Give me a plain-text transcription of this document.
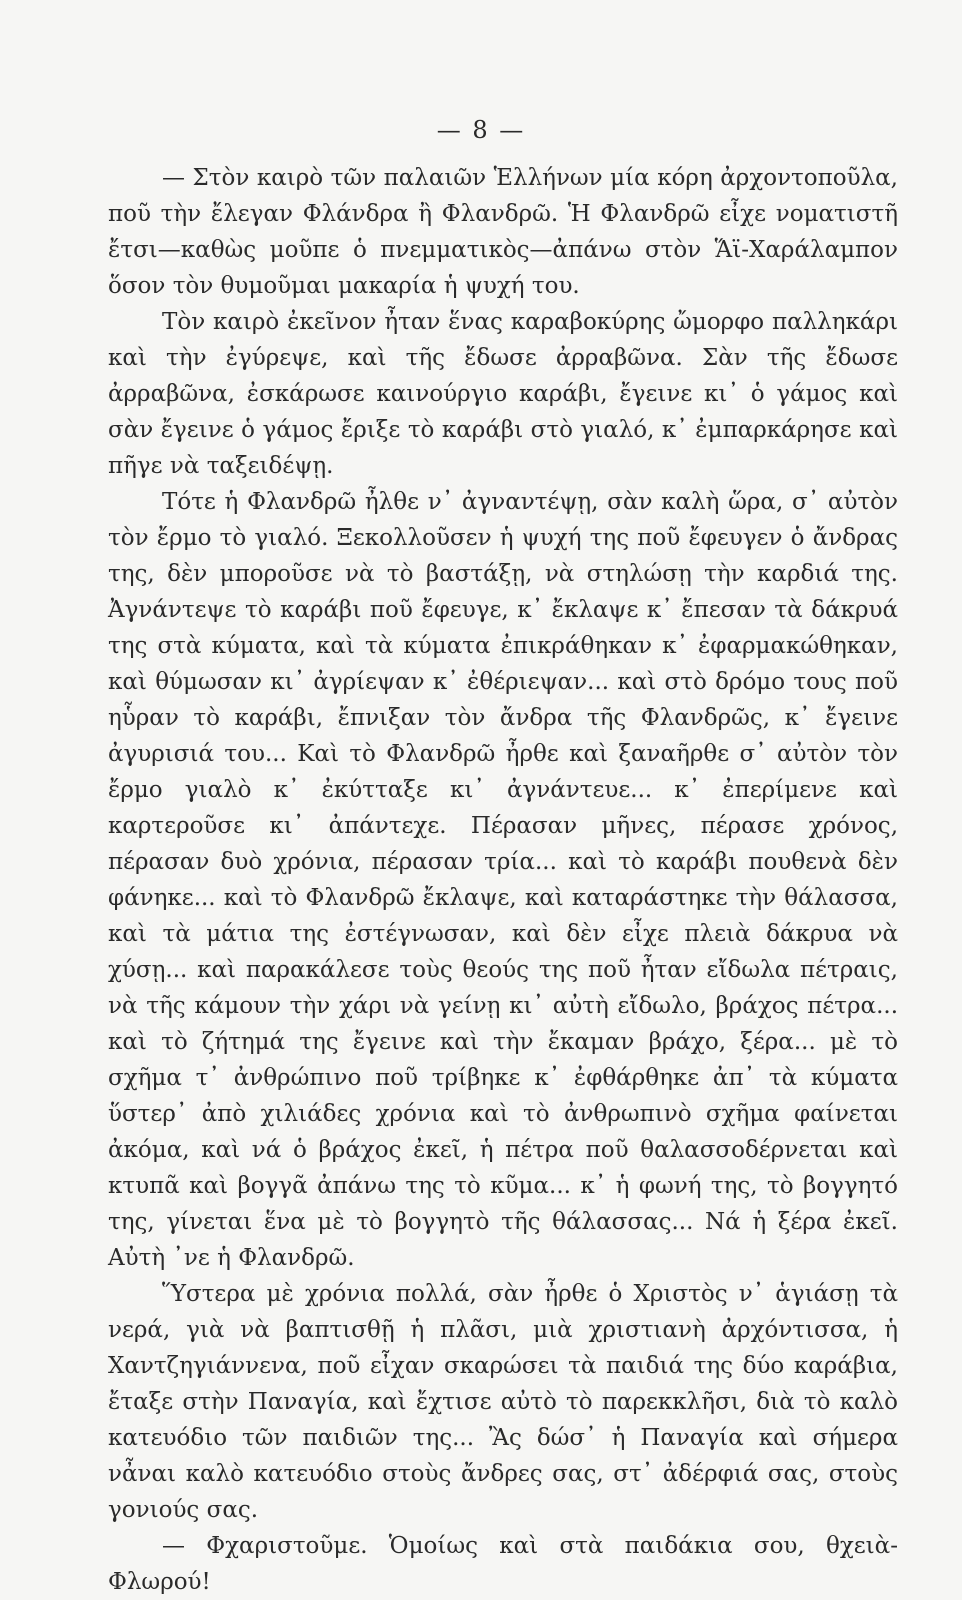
— 8 —

— Στὸν καιρὸ τῶν παλαιῶν Ἑλλήνων μία κόρη ἀρχοντοποῦλα, ποῦ τὴν ἔλεγαν Φλάνδρα ἢ Φλανδρῶ. Ἡ Φλανδρῶ εἶχε νοματιστῆ ἔτσι—καθὼς μοῦπε ὁ πνεμματικὸς—ἀπάνω στὸν Ἅϊ-Χαράλαμπον ὅσον τὸν θυμοῦμαι μακαρία ἡ ψυχή του.

Τὸν καιρὸ ἐκεῖνον ἦταν ἕνας καραβοκύρης ὤμορφο παλληκάρι καὶ τὴν ἐγύρεψε, καὶ τῆς ἔδωσε ἀρραβῶνα. Σὰν τῆς ἔδωσε ἀρραβῶνα, ἐσκάρωσε καινούργιο καράβι, ἔγεινε κι᾽ ὁ γάμος καὶ σὰν ἔγεινε ὁ γάμος ἔριξε τὸ καράβι στὸ γιαλό, κ᾽ ἐμπαρκάρησε καὶ πῆγε νὰ ταξειδέψῃ.

Τότε ἡ Φλανδρῶ ἦλθε ν᾽ ἀγναντέψῃ, σὰν καλὴ ὥρα, σ᾽ αὐτὸν τὸν ἔρμο τὸ γιαλό. Ξεκολλοῦσεν ἡ ψυχή της ποῦ ἔφευγεν ὁ ἄνδρας της, δὲν μποροῦσε νὰ τὸ βαστάξῃ, νὰ στηλώσῃ τὴν καρδιά της. Ἀγνάντεψε τὸ καράβι ποῦ ἔφευγε, κ᾽ ἔκλαψε κ᾽ ἔπεσαν τὰ δάκρυά της στὰ κύματα, καὶ τὰ κύματα ἐπικράθηκαν κ᾽ ἐφαρμακώθηκαν, καὶ θύμωσαν κι᾽ ἀγρίεψαν κ᾽ ἐθέριεψαν... καὶ στὸ δρόμο τους ποῦ ηὗραν τὸ καράβι, ἔπνιξαν τὸν ἄνδρα τῆς Φλανδρῶς, κ᾽ ἔγεινε ἀγυρισιά του... Καὶ τὸ Φλανδρῶ ἦρθε καὶ ξαναῆρθε σ᾽ αὐτὸν τὸν ἔρμο γιαλὸ κ᾽ ἐκύτταξε κι᾽ ἀγνάντευε... κ᾽ ἐπερίμενε καὶ καρτεροῦσε κι᾽ ἀπάντεχε. Πέρασαν μῆνες, πέρασε χρόνος, πέρασαν δυὸ χρόνια, πέρασαν τρία... καὶ τὸ καράβι πουθενὰ δὲν φάνηκε... καὶ τὸ Φλανδρῶ ἔκλαψε, καὶ καταράστηκε τὴν θάλασσα, καὶ τὰ μάτια της ἐστέγνωσαν, καὶ δὲν εἶχε πλειὰ δάκρυα νὰ χύσῃ... καὶ παρακάλεσε τοὺς θεούς της ποῦ ἦταν εἴδωλα πέτραις, νὰ τῆς κάμουν τὴν χάρι νὰ γείνῃ κι᾽ αὐτὴ εἴδωλο, βράχος πέτρα... καὶ τὸ ζήτημά της ἔγεινε καὶ τὴν ἔκαμαν βράχο, ξέρα... μὲ τὸ σχῆμα τ᾽ ἀνθρώπινο ποῦ τρίβηκε κ᾽ ἐφθάρθηκε ἀπ᾽ τὰ κύματα ὕστερ᾽ ἀπὸ χιλιάδες χρόνια καὶ τὸ ἀνθρωπινὸ σχῆμα φαίνεται ἀκόμα, καὶ νά ὁ βράχος ἐκεῖ, ἡ πέτρα ποῦ θαλασσοδέρνεται καὶ κτυπᾶ καὶ βογγᾶ ἀπάνω της τὸ κῦμα... κ᾽ ἡ φωνή της, τὸ βογγητό της, γίνεται ἕνα μὲ τὸ βογγητὸ τῆς θάλασσας... Νά ἡ ξέρα ἐκεῖ. Αὐτὴ ᾽νε ἡ Φλανδρῶ.

Ὕστερα μὲ χρόνια πολλά, σὰν ἦρθε ὁ Χριστὸς ν᾽ ἁγιάσῃ τὰ νερά, γιὰ νὰ βαπτισθῇ ἡ πλᾶσι, μιὰ χριστιανὴ ἀρχόντισσα, ἡ Χαντζηγιάννενα, ποῦ εἶχαν σκαρώσει τὰ παιδιά της δύο καράβια, ἔταξε στὴν Παναγία, καὶ ἔχτισε αὐτὸ τὸ παρεκκλῆσι, διὰ τὸ καλὸ κατευόδιο τῶν παιδιῶν της... Ἂς δώσ᾽ ἡ Παναγία καὶ σήμερα νἆναι καλὸ κατευόδιο στοὺς ἄνδρες σας, στ᾽ ἀδέρφιά σας, στοὺς γονιούς σας.

— Φχαριστοῦμε. Ὁμοίως καὶ στὰ παιδάκια σου, θχειὰ-Φλωρού!
